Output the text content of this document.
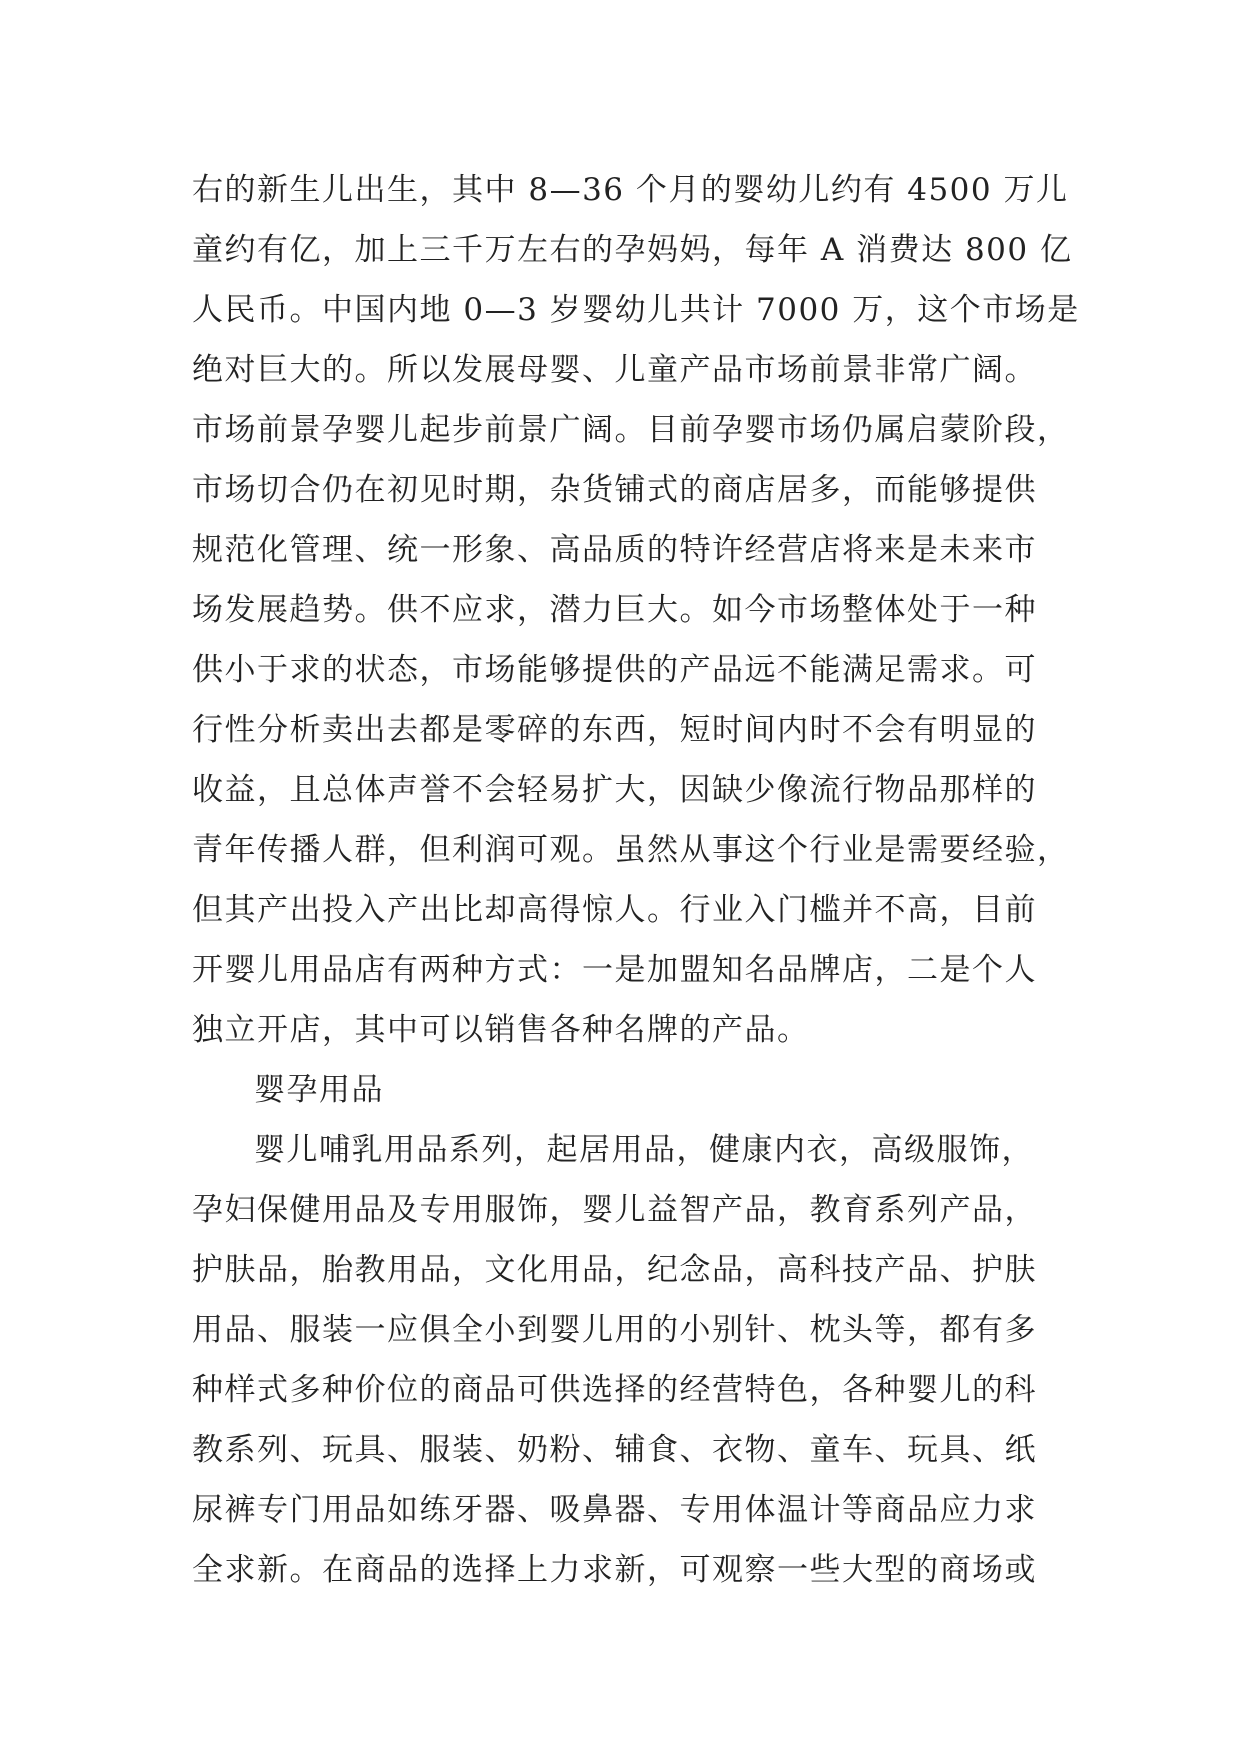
右的新生儿出生，其中 8—36 个月的婴幼儿约有 4500 万儿
童约有亿，加上三千万左右的孕妈妈，每年 A 消费达 800 亿
人民币。中国内地 0—3 岁婴幼儿共计 7000 万，这个市场是
绝对巨大的。所以发展母婴、儿童产品市场前景非常广阔。
市场前景孕婴儿起步前景广阔。目前孕婴市场仍属启蒙阶段，
市场切合仍在初见时期，杂货铺式的商店居多，而能够提供
规范化管理、统一形象、高品质的特许经营店将来是未来市
场发展趋势。供不应求，潜力巨大。如今市场整体处于一种
供小于求的状态，市场能够提供的产品远不能满足需求。可
行性分析卖出去都是零碎的东西，短时间内时不会有明显的
收益，且总体声誉不会轻易扩大，因缺少像流行物品那样的
青年传播人群，但利润可观。虽然从事这个行业是需要经验，
但其产出投入产出比却高得惊人。行业入门槛并不高，目前
开婴儿用品店有两种方式：一是加盟知名品牌店，二是个人
独立开店，其中可以销售各种名牌的产品。
婴孕用品
婴儿哺乳用品系列，起居用品，健康内衣，高级服饰，
孕妇保健用品及专用服饰，婴儿益智产品，教育系列产品，
护肤品，胎教用品，文化用品，纪念品，高科技产品、护肤
用品、服装一应俱全小到婴儿用的小别针、枕头等，都有多
种样式多种价位的商品可供选择的经营特色，各种婴儿的科
教系列、玩具、服装、奶粉、辅食、衣物、童车、玩具、纸
尿裤专门用品如练牙器、吸鼻器、专用体温计等商品应力求
全求新。在商品的选择上力求新，可观察一些大型的商场或
